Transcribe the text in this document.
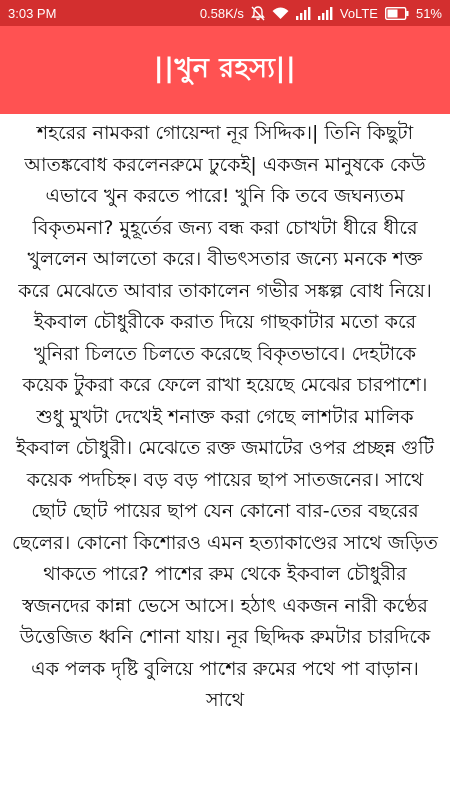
3:03 PM	0.58K/s	VoLTE	51%
||খুন রহস্য||

শহরের নামকরা গোয়েন্দা নূর সিদ্দিক।| তিনি কিছুটা আতঙ্কবোধ করলেনরুমে ঢুকেই| একজন মানুষকে কেউ এভাবে খুন করতে পারে! খুনি কি তবে জঘন্যতম বিকৃতমনা? মুহূর্তের জন্য বন্ধ করা চোখটা ধীরে ধীরে খুললেন আলতো করে। বীভৎসতার জন্যে মনকে শক্ত করে মেঝেতে আবার তাকালেন গভীর সঙ্কল্প বোধ নিয়ে। ইকবাল চৌধুরীকে করাত দিয়ে গাছকাটার মতো করে খুনিরা চিলতে চিলতে করেছে বিকৃতভাবে। দেহটাকে কয়েক টুকরা করে ফেলে রাখা হয়েছে মেঝের চারপাশে। শুধু মুখটা দেখেই শনাক্ত করা গেছে লাশটার মালিক ইকবাল চৌধুরী। মেঝেতে রক্ত জমাটের ওপর প্রচ্ছন্ন গুটি কয়েক পদচিহ্ন। বড় বড় পায়ের ছাপ সাতজনের। সাথে ছোট ছোট পায়ের ছাপ যেন কোনো বার-তের বছরের ছেলের। কোনো কিশোরও এমন হত্যাকাণ্ডের সাথে জড়িত থাকতে পারে? পাশের রুম থেকে ইকবাল চৌধুরীর স্বজনদের কান্না ভেসে আসে। হঠাৎ একজন নারী কণ্ঠের উত্তেজিত ধ্বনি শোনা যায়। নূর ছিদ্দিক রুমটার চারদিকে এক পলক দৃষ্টি বুলিয়ে পাশের রুমের পথে পা বাড়ান। সাথে
